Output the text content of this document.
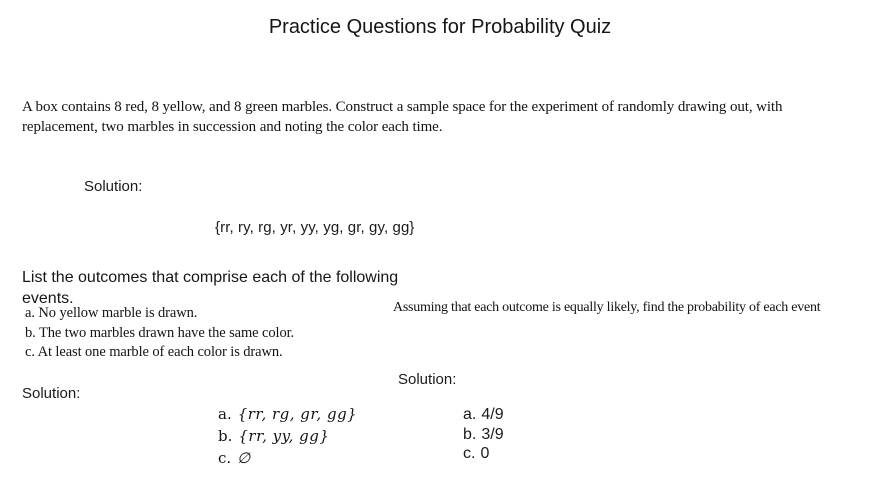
Practice Questions for Probability Quiz
A box contains 8 red, 8 yellow, and 8 green marbles. Construct a sample space for the experiment of randomly drawing out, with replacement, two marbles in succession and noting the color each time.
Solution:
{rr, ry, rg, yr, yy, yg, gr, gy, gg}
List the outcomes that comprise each of the following events.
a. No yellow marble is drawn.
b. The two marbles drawn have the same color.
c. At least one marble of each color is drawn.
Assuming that each outcome is equally likely, find the probability of each event
Solution:
a. {rr, rg, gr, gg}
b. {rr, yy, gg}
c. ∅
Solution:
a. 4/9
b. 3/9
c. 0
